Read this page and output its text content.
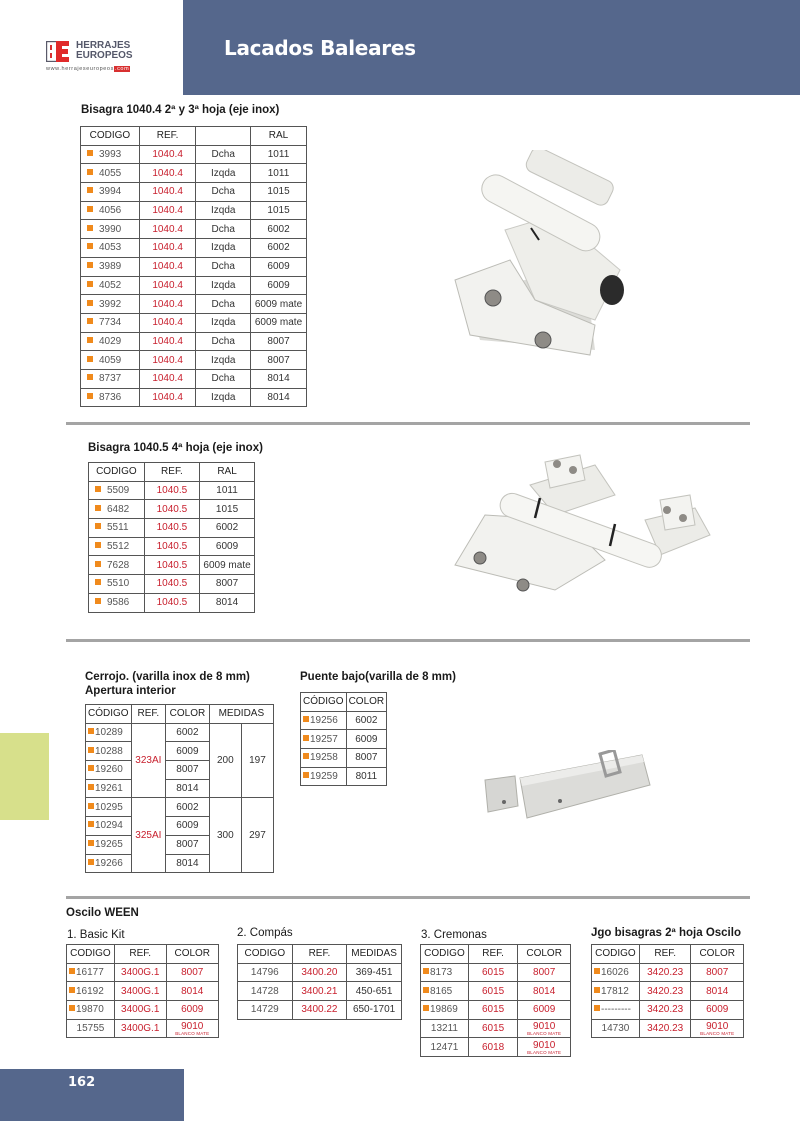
Lacados Baleares
HERRAJES
EUROPEOS
www.herrajeseuropeos.com
Bisagra 1040.4 2ª y 3ª hoja (eje inox)
CODIGO	REF.		RAL
3993	1040.4	Dcha	1011
4055	1040.4	Izqda	1011
3994	1040.4	Dcha	1015
4056	1040.4	Izqda	1015
3990	1040.4	Dcha	6002
4053	1040.4	Izqda	6002
3989	1040.4	Dcha	6009
4052	1040.4	Izqda	6009
3992	1040.4	Dcha	6009 mate
7734	1040.4	Izqda	6009 mate
4029	1040.4	Dcha	8007
4059	1040.4	Izqda	8007
8737	1040.4	Dcha	8014
8736	1040.4	Izqda	8014
Bisagra 1040.5 4ª hoja (eje inox)
CODIGO	REF.	RAL
5509	1040.5	1011
6482	1040.5	1015
5511	1040.5	6002
5512	1040.5	6009
7628	1040.5	6009 mate
5510	1040.5	8007
9586	1040.5	8014
Cerrojo. (varilla inox de 8 mm)
Apertura interior
CÓDIGO	REF.	COLOR	MEDIDAS	
10289	323AI	6002	200	197
10288		6009		
19260		8007		
19261		8014		
10295	325AI	6002	300	297
10294		6009		
19265		8007		
19266		8014		
Puente bajo(varilla de 8 mm)
CÓDIGO	COLOR
19256	6002
19257	6009
19258	8007
19259	8011
Oscilo WEEN
1. Basic Kit
CODIGO	REF.	COLOR
16177	3400G.1	8007
16192	3400G.1	8014
19870	3400G.1	6009
15755	3400G.1	9010
BLANCO MATE
2. Compás
CODIGO	REF.	MEDIDAS
14796	3400.20	369-451
14728	3400.21	450-651
14729	3400.22	650-1701
3. Cremonas
CODIGO	REF.	COLOR
8173	6015	8007
8165	6015	8014
19869	6015	6009
13211	6015	9010
BLANCO MATE

12471	6018	9010
BLANCO MATE
Jgo bisagras 2ª hoja Oscilo
CODIGO	REF.	COLOR
16026	3420.23	8007
17812	3420.23	8014
---------	3420.23	6009
14730	3420.23	9010
BLANCO MATE
162
